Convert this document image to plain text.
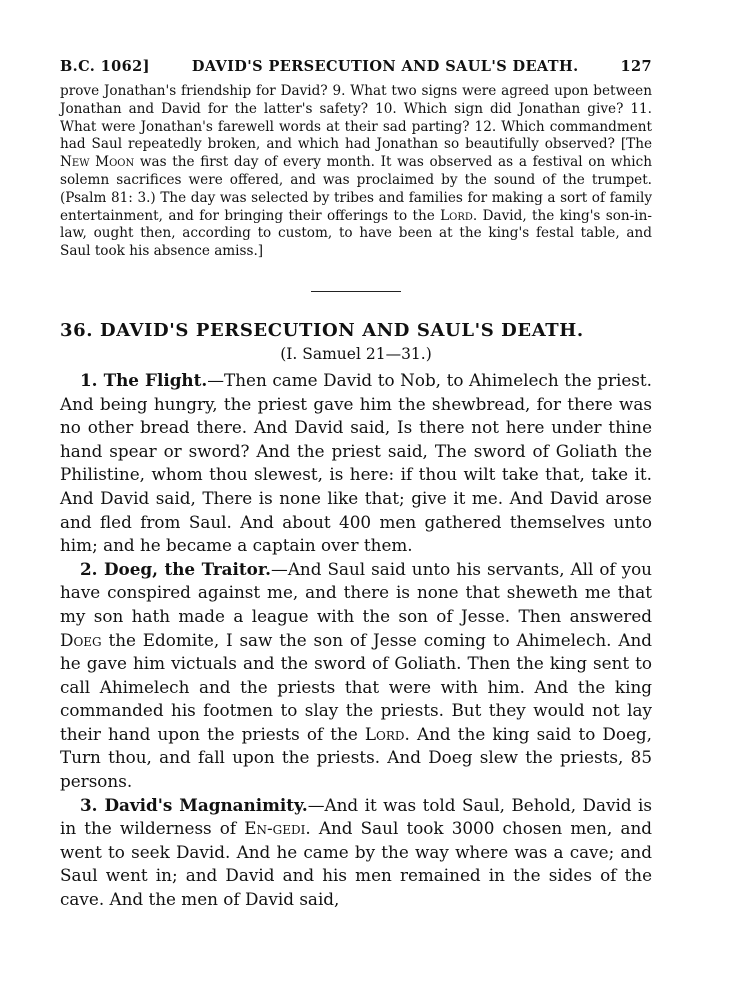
B.C. 1062]	DAVID'S PERSECUTION AND SAUL'S DEATH.	127

prove Jonathan's friendship for David? 9. What two signs were agreed upon between Jonathan and David for the latter's safety? 10. Which sign did Jonathan give? 11. What were Jonathan's farewell words at their sad parting? 12. Which commandment had Saul repeatedly broken, and which had Jonathan so beautifully observed? [The New Moon was the first day of every month. It was observed as a festival on which solemn sacrifices were offered, and was proclaimed by the sound of the trumpet. (Psalm 81: 3.) The day was selected by tribes and families for making a sort of family entertainment, and for bringing their offerings to the Lord. David, the king's son-in-law, ought then, according to custom, to have been at the king's festal table, and Saul took his absence amiss.]

36. DAVID'S PERSECUTION AND SAUL'S DEATH.
(I. Samuel 21—31.)

1. The Flight.—Then came David to Nob, to Ahimelech the priest. And being hungry, the priest gave him the shewbread, for there was no other bread there. And David said, Is there not here under thine hand spear or sword? And the priest said, The sword of Goliath the Philistine, whom thou slewest, is here: if thou wilt take that, take it. And David said, There is none like that; give it me. And David arose and fled from Saul. And about 400 men gathered themselves unto him; and he became a captain over them.

2. Doeg, the Traitor.—And Saul said unto his servants, All of you have conspired against me, and there is none that sheweth me that my son hath made a league with the son of Jesse. Then answered Doeg the Edomite, I saw the son of Jesse coming to Ahimelech. And he gave him victuals and the sword of Goliath. Then the king sent to call Ahimelech and the priests that were with him. And the king commanded his footmen to slay the priests. But they would not lay their hand upon the priests of the Lord. And the king said to Doeg, Turn thou, and fall upon the priests. And Doeg slew the priests, 85 persons.

3. David's Magnanimity.—And it was told Saul, Behold, David is in the wilderness of En-gedi. And Saul took 3000 chosen men, and went to seek David. And he came by the way where was a cave; and Saul went in; and David and his men remained in the sides of the cave. And the men of David said,
